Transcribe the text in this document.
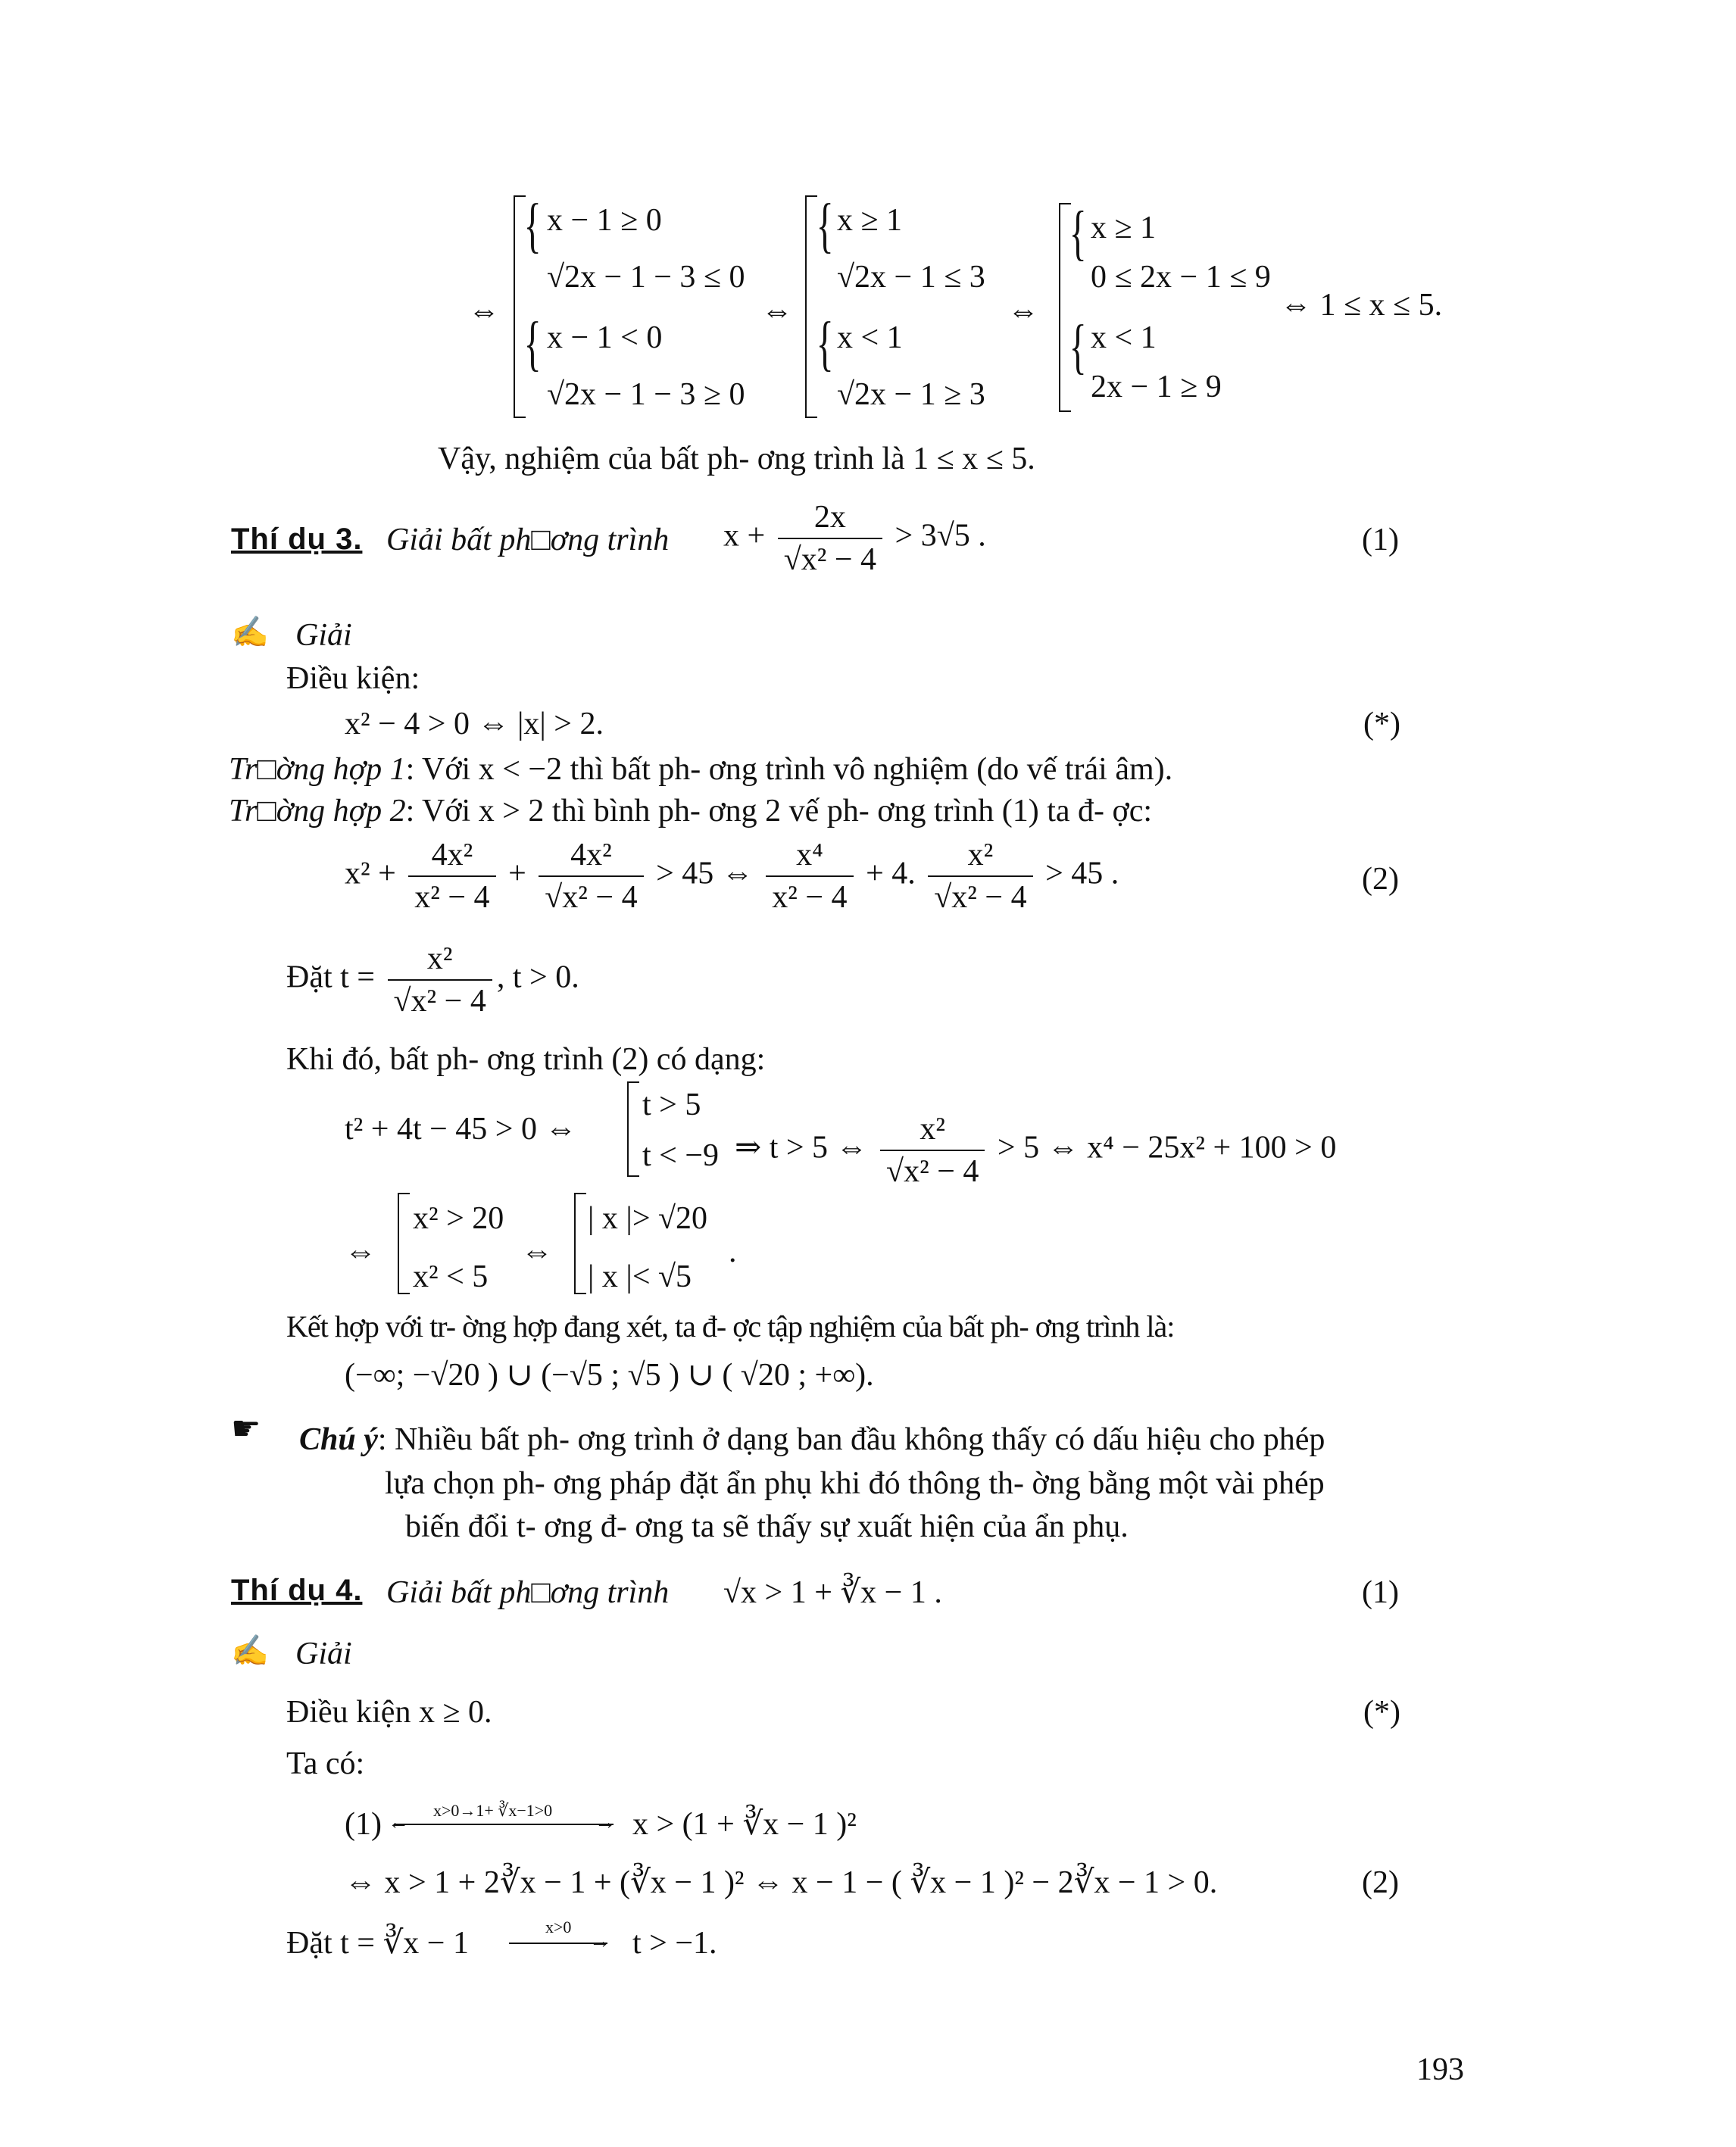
⇔
{
{
x − 1 ≥ 0
√2x − 1 − 3 ≤ 0
x − 1 < 0
√2x − 1 − 3 ≥ 0
⇔
{
{
x ≥ 1
√2x − 1 ≤ 3
x < 1
√2x − 1 ≥ 3
⇔
{
{
x ≥ 1
0 ≤ 2x − 1 ≤ 9
x < 1
2x − 1 ≥ 9
⇔ 1 ≤ x ≤ 5.
Vậy, nghiệm của bất ph- ơng trình là 1 ≤ x ≤ 5.
Thí dụ 3. Giải bất ph□ơng trình $x + \frac{2x}{\text{√x² − 4}} > 3√5$ .	(1)
✍ Giải
Điều kiện:
x² − 4 > 0 ⇔ |x| > 2.	(*)
Tr□ờng hợp 1: Với x < −2 thì bất ph- ơng trình vô nghiệm (do vế trái âm).
Tr□ờng hợp 2: Với x > 2 thì bình ph- ơng 2 vế ph- ơng trình (1) ta đ- ợc:
$x^2 + \frac{\text{4x²}}{\text{x² − 4}} + \frac{\text{4x²}}{\text{√x² − 4}} > 45$ ⇔ $\frac{\text{x⁴}}{\text{x² − 4}} + 4$. $\frac{\text{x²}}{\text{√x² − 4}} > 45$ .	(2)
Đặt $t = \frac{\text{x²}}{\text{√x² − 4}}$ , t > 0.
Khi đó, bất ph- ơng trình (2) có dạng:
t² + 4t − 45 > 0 ⇔
t > 5
t < −9 ⇒ t > 5 ⇔ $\frac{\text{x²}}{\text{√x² − 4}} > 5$ ⇔ x⁴ − 25x² + 100 > 0
⇔
x² > 20
x² < 5
⇔
| x |> √20
| x |< √5
.
Kết hợp với tr- ờng hợp đang xét, ta đ- ợc tập nghiệm của bất ph- ơng trình là:
(−∞; −√20 ) ∪ (−√5 ; √5 ) ∪ ( √20 ; +∞).
☛ Chú ý: Nhiều bất ph- ơng trình ở dạng ban đầu không thấy có dấu hiệu cho phép
lựa chọn ph- ơng pháp đặt ẩn phụ khi đó thông th- ờng bằng một vài phép
biến đổi t- ơng đ- ơng ta sẽ thấy sự xuất hiện của ẩn phụ.
Thí dụ 4. Giải bất ph□ơng trình √x > 1 + ∛x − 1 .	(1)
✍ Giải
Điều kiện x ≥ 0.	(*)
Ta có:
(1)	x>0→1+ ∛x−1>0
←	→ x > (1 + ∛x − 1 )²
⇔ x > 1 + 2∛x − 1 + (∛x − 1 )² ⇔ x − 1 − ( ∛x − 1 )² − 2∛x − 1 > 0.	(2)
Đặt t = ∛x − 1	x>0
→ t > −1.
193
